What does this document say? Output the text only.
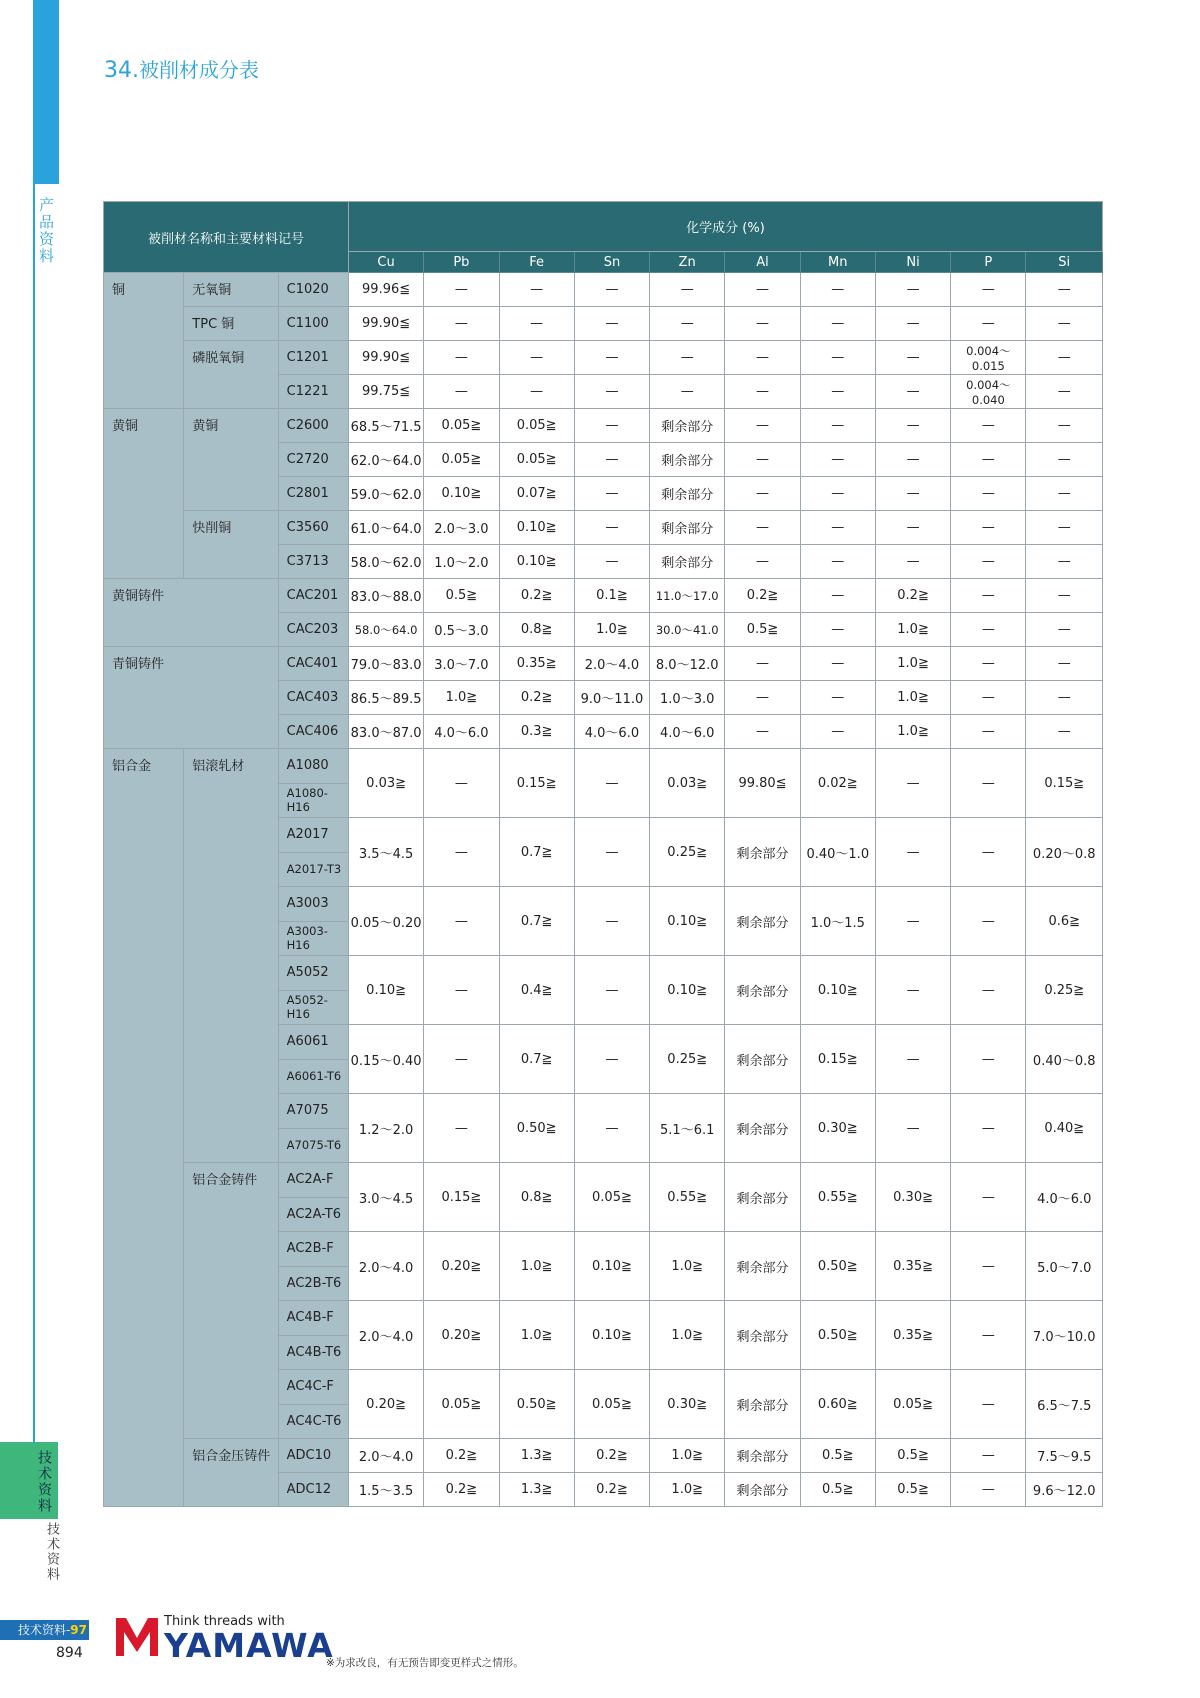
产品资料
技术资料
技术资料
34.被削材成分表
被削材名称和主要材料记号			化学成分 (%)									
			Cu	Pb	Fe	Sn	Zn	Al	Mn	Ni	P	Si
铜	无氧铜	C1020	99.96≦	—	—	—	—	—	—	—	—	—
	TPC 铜	C1100	99.90≦	—	—	—	—	—	—	—	—	—
	磷脱氧铜	C1201	99.90≦	—	—	—	—	—	—	—	0.004～0.015	—
		C1221	99.75≦	—	—	—	—	—	—	—	0.004～0.040	—
黄铜	黄铜	C2600	68.5～71.5	0.05≧	0.05≧	—	剩余部分	—	—	—	—	—
		C2720	62.0～64.0	0.05≧	0.05≧	—	剩余部分	—	—	—	—	—
		C2801	59.0～62.0	0.10≧	0.07≧	—	剩余部分	—	—	—	—	—
	快削铜	C3560	61.0～64.0	2.0～3.0	0.10≧	—	剩余部分	—	—	—	—	—
		C3713	58.0～62.0	1.0～2.0	0.10≧	—	剩余部分	—	—	—	—	—
黄铜铸件		CAC201	83.0～88.0	0.5≧	0.2≧	0.1≧	11.0～17.0	0.2≧	—	0.2≧	—	—
		CAC203	58.0～64.0	0.5～3.0	0.8≧	1.0≧	30.0～41.0	0.5≧	—	1.0≧	—	—
青铜铸件		CAC401	79.0～83.0	3.0～7.0	0.35≧	2.0～4.0	8.0～12.0	—	—	1.0≧	—	—
		CAC403	86.5～89.5	1.0≧	0.2≧	9.0～11.0	1.0～3.0	—	—	1.0≧	—	—
		CAC406	83.0～87.0	4.0～6.0	0.3≧	4.0～6.0	4.0～6.0	—	—	1.0≧	—	—
铝合金	铝滚轧材	A1080	0.03≧	—	0.15≧	—	0.03≧	99.80≦	0.02≧	—	—	0.15≧
		A1080-H16										
		A2017	3.5～4.5	—	0.7≧	—	0.25≧	剩余部分	0.40～1.0	—	—	0.20～0.8
		A2017-T3										
		A3003	0.05～0.20	—	0.7≧	—	0.10≧	剩余部分	1.0～1.5	—	—	0.6≧
		A3003-H16										
		A5052	0.10≧	—	0.4≧	—	0.10≧	剩余部分	0.10≧	—	—	0.25≧
		A5052-H16										
		A6061	0.15～0.40	—	0.7≧	—	0.25≧	剩余部分	0.15≧	—	—	0.40～0.8
		A6061-T6										
		A7075	1.2～2.0	—	0.50≧	—	5.1～6.1	剩余部分	0.30≧	—	—	0.40≧
		A7075-T6										
	铝合金铸件	AC2A-F	3.0～4.5	0.15≧	0.8≧	0.05≧	0.55≧	剩余部分	0.55≧	0.30≧	—	4.0～6.0
		AC2A-T6										
		AC2B-F	2.0～4.0	0.20≧	1.0≧	0.10≧	1.0≧	剩余部分	0.50≧	0.35≧	—	5.0～7.0
		AC2B-T6										
		AC4B-F	2.0～4.0	0.20≧	1.0≧	0.10≧	1.0≧	剩余部分	0.50≧	0.35≧	—	7.0～10.0
		AC4B-T6										
		AC4C-F	0.20≧	0.05≧	0.50≧	0.05≧	0.30≧	剩余部分	0.60≧	0.05≧	—	6.5～7.5
		AC4C-T6										
	铝合金压铸件	ADC10	2.0～4.0	0.2≧	1.3≧	0.2≧	1.0≧	剩余部分	0.5≧	0.5≧	—	7.5～9.5
		ADC12	1.5～3.5	0.2≧	1.3≧	0.2≧	1.0≧	剩余部分	0.5≧	0.5≧	—	9.6～12.0
技术资料-97
894
Think threads with
YAMAWA
※为求改良，有无预告即变更样式之情形。
